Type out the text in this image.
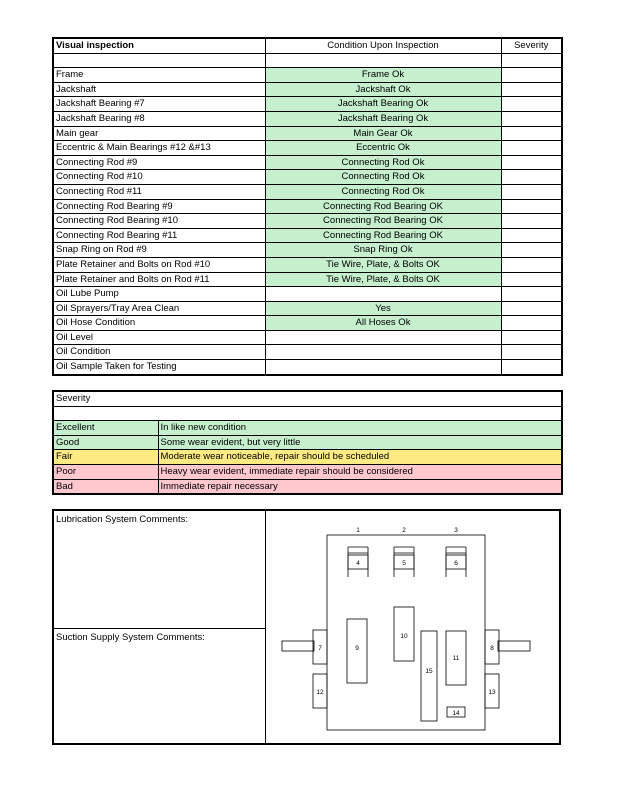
Visual inspection	Condition Upon Inspection	Severity

Frame	Frame Ok	
Jackshaft	Jackshaft Ok	
Jackshaft Bearing #7	Jackshaft Bearing Ok	
Jackshaft Bearing #8	Jackshaft Bearing Ok	
Main gear	Main Gear Ok	
Eccentric & Main Bearings #12 &#13	Eccentric Ok	
Connecting Rod #9	Connecting Rod Ok	
Connecting Rod #10	Connecting Rod Ok	
Connecting Rod #11	Connecting Rod Ok	
Connecting Rod Bearing #9	Connecting Rod Bearing OK	
Connecting Rod Bearing #10	Connecting Rod Bearing OK	
Connecting Rod Bearing #11	Connecting Rod Bearing OK	
Snap Ring on Rod #9	Snap Ring Ok	
Plate Retainer and Bolts on Rod #10	Tie Wire, Plate, & Bolts OK	
Plate Retainer and Bolts on Rod #11	Tie Wire, Plate, & Bolts OK	
Oil Lube Pump		
Oil Sprayers/Tray Area Clean	Yes	
Oil Hose Condition	All Hoses Ok	
Oil Level		
Oil Condition		
Oil Sample Taken for Testing		
Severity	

Excellent	In like new condition
Good	Some wear evident, but very little
Fair	Moderate wear noticeable, repair should be scheduled
Poor	Heavy wear evident, immediate repair should be considered
Bad	Immediate repair necessary
Lubrication System Comments:
Suction Supply System Comments:
1	2	3
4	5	6
7	8
9
10
11
12	13
14
15
